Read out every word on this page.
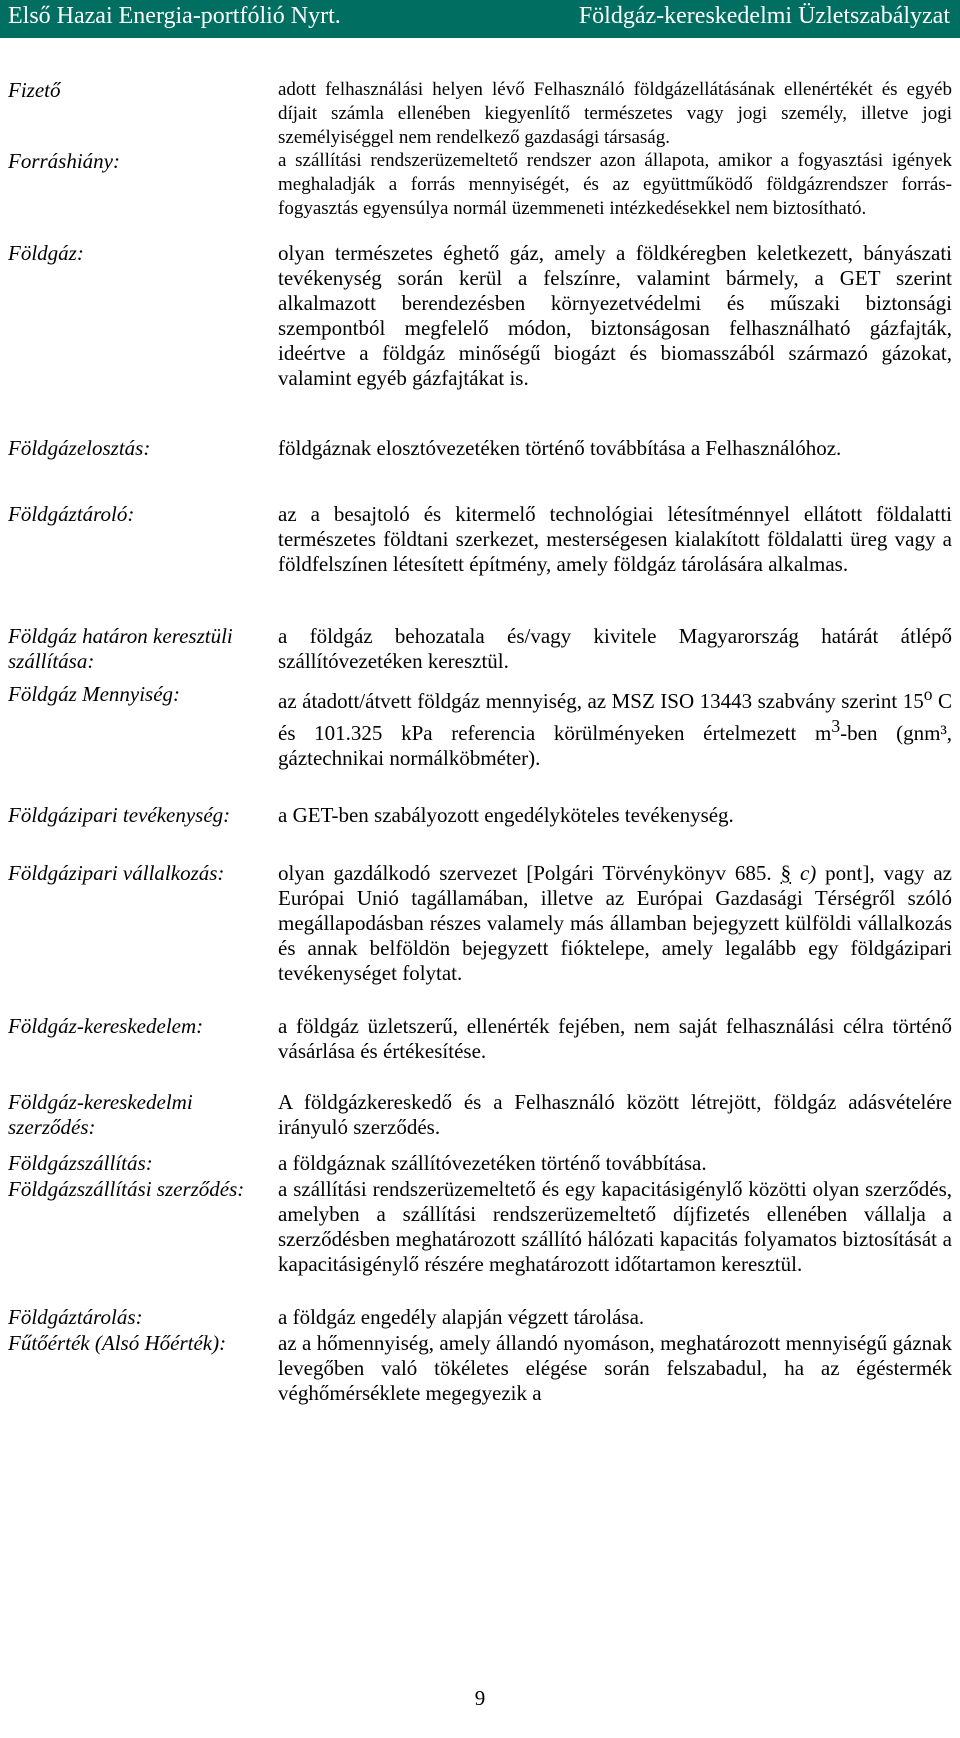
Első Hazai Energia-portfólió Nyrt.	Földgáz-kereskedelmi Üzletszabályzat
Fizető	adott felhasználási helyen lévő Felhasználó földgázellátásának ellenértékét és egyéb díjait számla ellenében kiegyenlítő természetes vagy jogi személy, illetve jogi személyiséggel nem rendelkező gazdasági társaság.
Forráshiány:	a szállítási rendszerüzemeltető rendszer azon állapota, amikor a fogyasztási igények meghaladják a forrás mennyiségét, és az együttműködő földgázrendszer forrás-fogyasztás egyensúlya normál üzemmeneti intézkedésekkel nem biztosítható.
Földgáz:	olyan természetes éghető gáz, amely a földkéregben keletkezett, bányászati tevékenység során kerül a felszínre, valamint bármely, a GET szerint alkalmazott berendezésben környezetvédelmi és műszaki biztonsági szempontból megfelelő módon, biztonságosan felhasználható gázfajták, ideértve a földgáz minőségű biogázt és biomasszából származó gázokat, valamint egyéb gázfajtákat is.
Földgázelosztás:	földgáznak elosztóvezetéken történő továbbítása a Felhasználóhoz.
Földgáztároló:	az a besajtoló és kitermelő technológiai létesítménnyel ellátott földalatti természetes földtani szerkezet, mesterségesen kialakított földalatti üreg vagy a földfelszínen létesített építmény, amely földgáz tárolására alkalmas.
Földgáz határon keresztüli szállítása:
a földgáz behozatala és/vagy kivitele Magyarország határát átlépő szállítóvezetéken keresztül.
Földgáz Mennyiség:	az átadott/átvett földgáz mennyiség, az MSZ ISO 13443 szabvány szerint 15$^o$ C és 101.325 kPa referencia körülményeken értelmezett $m^3$-ben (gnm³, gáztechnikai normálköbméter).
Földgázipari tevékenység:	a GET-ben szabályozott engedélyköteles tevékenység.
Földgázipari vállalkozás:	olyan gazdálkodó szervezet [Polgári Törvénykönyv 685. § c) pont], vagy az Európai Unió tagállamában, illetve az Európai Gazdasági Térségről szóló megállapodásban részes valamely más államban bejegyzett külföldi vállalkozás és annak belföldön bejegyzett fióktelepe, amely legalább egy földgázipari tevékenységet folytat.
Földgáz-kereskedelem:	a földgáz üzletszerű, ellenérték fejében, nem saját felhasználási célra történő vásárlása és értékesítése.
Földgáz-kereskedelmi szerződés:
A földgázkereskedő és a Felhasználó között létrejött, földgáz adásvételére irányuló szerződés.
Földgázszállítás:	a földgáznak szállítóvezetéken történő továbbítása.
Földgázszállítási szerződés:	a szállítási rendszerüzemeltető és egy kapacitásigénylő közötti olyan szerződés, amelyben a szállítási rendszerüzemeltető díjfizetés ellenében vállalja a szerződésben meghatározott szállító hálózati kapacitás folyamatos biztosítását a kapacitásigénylő részére meghatározott időtartamon keresztül.
Földgáztárolás:	a földgáz engedély alapján végzett tárolása.
Fűtőérték (Alsó Hőérték):	az a hőmennyiség, amely állandó nyomáson, meghatározott mennyiségű gáznak levegőben való tökéletes elégése során felszabadul, ha az égéstermék véghőmérséklete megegyezik a
9
